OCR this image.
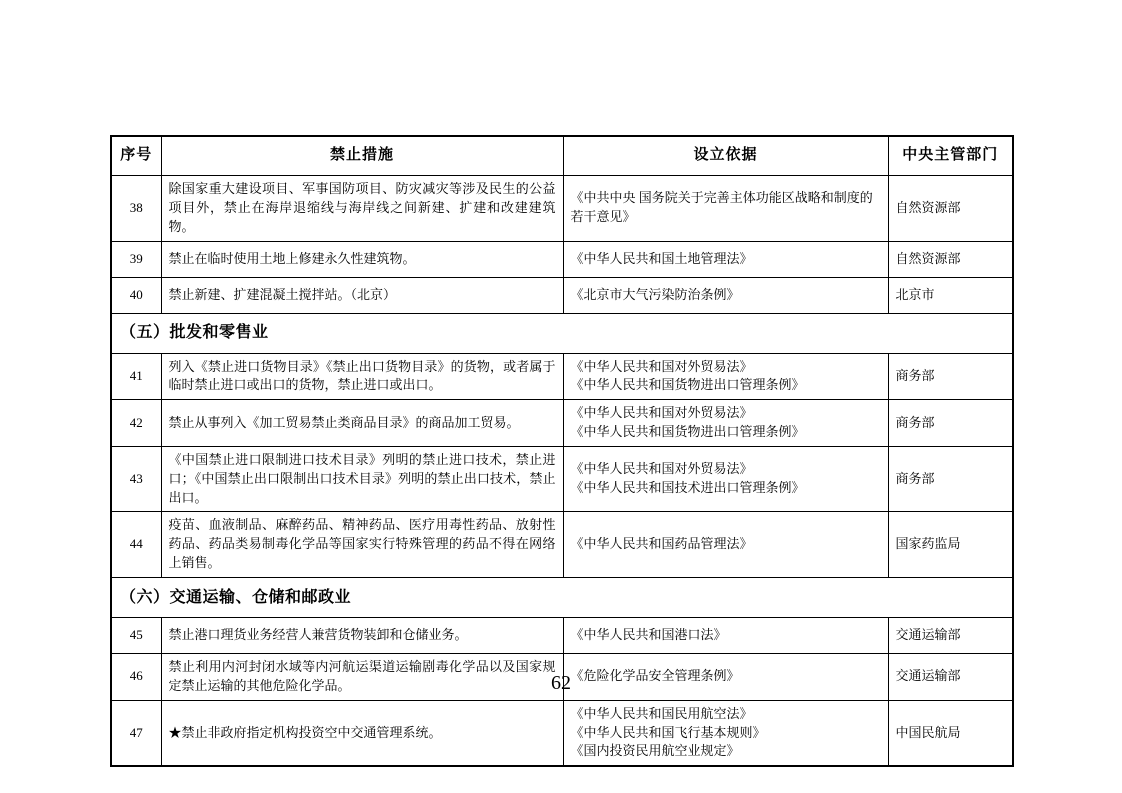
序号	禁止措施	设立依据	中央主管部门
38	除国家重大建设项目、军事国防项目、防灾减灾等涉及民生的公益项目外，禁止在海岸退缩线与海岸线之间新建、扩建和改建建筑物。	《中共中央 国务院关于完善主体功能区战略和制度的若干意见》	自然资源部
39	禁止在临时使用土地上修建永久性建筑物。	《中华人民共和国土地管理法》	自然资源部
40	禁止新建、扩建混凝土搅拌站。（北京）	《北京市大气污染防治条例》	北京市
（五）批发和零售业			
41	列入《禁止进口货物目录》《禁止出口货物目录》的货物，或者属于临时禁止进口或出口的货物，禁止进口或出口。	《中华人民共和国对外贸易法》
《中华人民共和国货物进出口管理条例》	商务部
42	禁止从事列入《加工贸易禁止类商品目录》的商品加工贸易。	《中华人民共和国对外贸易法》
《中华人民共和国货物进出口管理条例》	商务部
43	《中国禁止进口限制进口技术目录》列明的禁止进口技术，禁止进口；《中国禁止出口限制出口技术目录》列明的禁止出口技术，禁止出口。	《中华人民共和国对外贸易法》
《中华人民共和国技术进出口管理条例》	商务部
44	疫苗、血液制品、麻醉药品、精神药品、医疗用毒性药品、放射性药品、药品类易制毒化学品等国家实行特殊管理的药品不得在网络上销售。	《中华人民共和国药品管理法》	国家药监局
（六）交通运输、仓储和邮政业			
45	禁止港口理货业务经营人兼营货物装卸和仓储业务。	《中华人民共和国港口法》	交通运输部
46	禁止利用内河封闭水域等内河航运渠道运输剧毒化学品以及国家规定禁止运输的其他危险化学品。	《危险化学品安全管理条例》	交通运输部
47	★禁止非政府指定机构投资空中交通管理系统。	《中华人民共和国民用航空法》
《中华人民共和国飞行基本规则》
《国内投资民用航空业规定》	中国民航局
62
